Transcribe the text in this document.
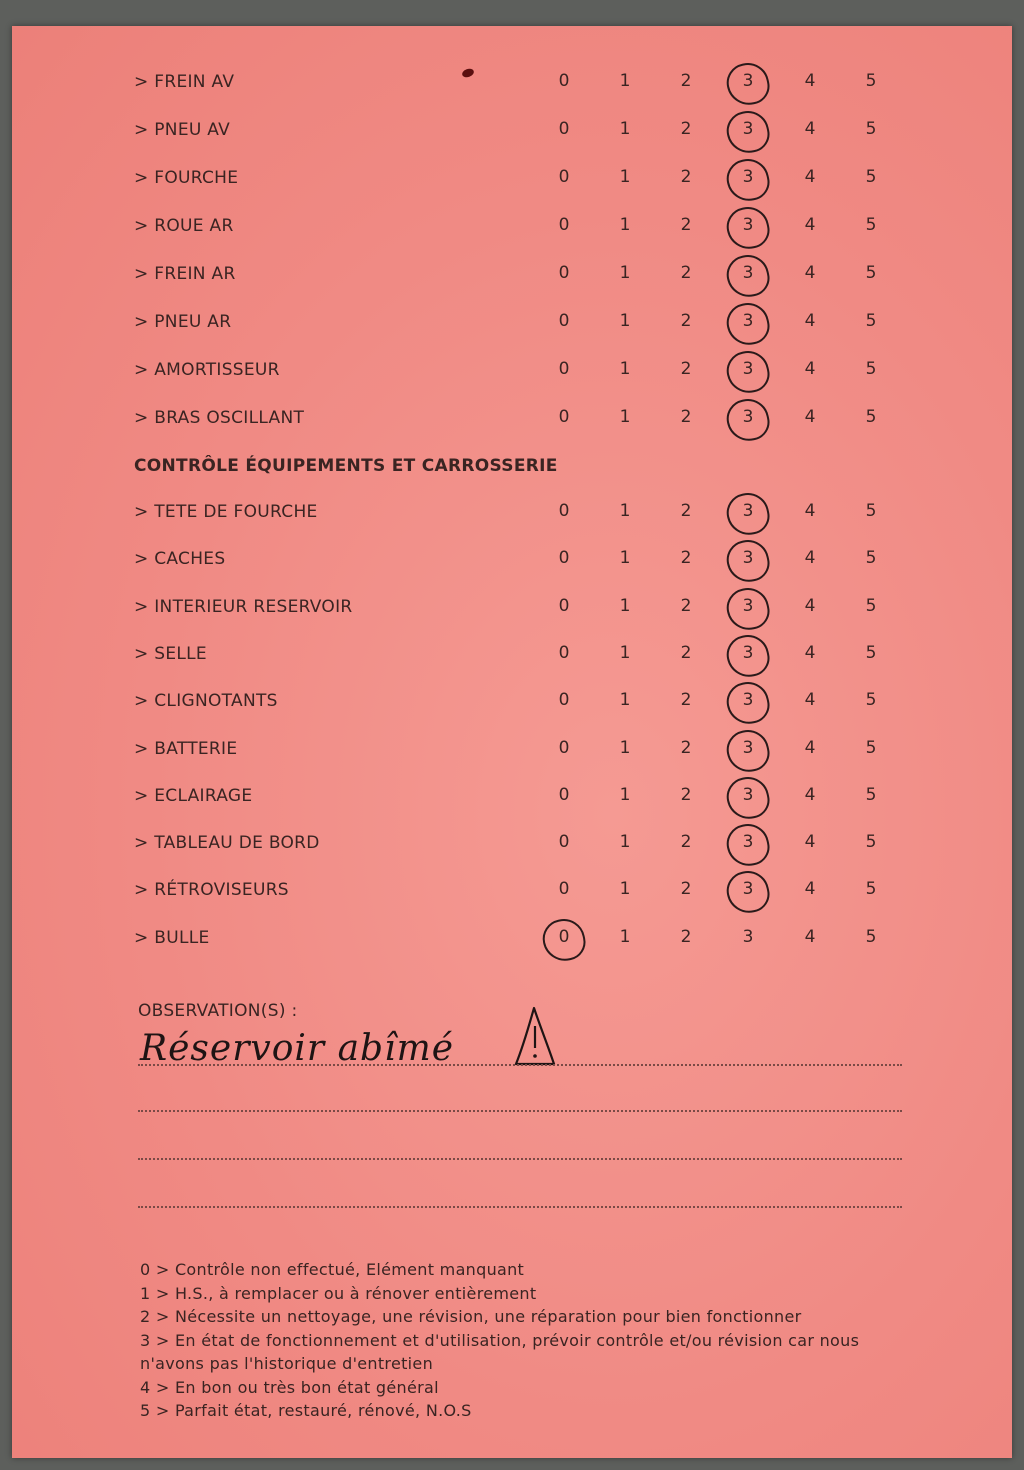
> FREIN AV	0	1	2	3	4	5
> PNEU AV	0	1	2	3	4	5
> FOURCHE	0	1	2	3	4	5
> ROUE AR	0	1	2	3	4	5
> FREIN AR	0	1	2	3	4	5
> PNEU AR	0	1	2	3	4	5
> AMORTISSEUR	0	1	2	3	4	5
> BRAS OSCILLANT	0	1	2	3	4	5
> TETE DE FOURCHE	0	1	2	3	4	5
> CACHES	0	1	2	3	4	5
> INTERIEUR RESERVOIR	0	1	2	3	4	5
> SELLE	0	1	2	3	4	5
> CLIGNOTANTS	0	1	2	3	4	5
> BATTERIE	0	1	2	3	4	5
> ECLAIRAGE	0	1	2	3	4	5
> TABLEAU DE BORD	0	1	2	3	4	5
> RÉTROVISEURS	0	1	2	3	4	5
> BULLE	0	1	2	3	4	5
CONTRÔLE ÉQUIPEMENTS ET CARROSSERIE
OBSERVATION(S) :
Réservoir abîmé
0 > Contrôle non effectué, Elément manquant
1 > H.S., à remplacer ou à rénover entièrement
2 > Nécessite un nettoyage, une révision, une réparation pour bien fonctionner
3 > En état de fonctionnement et d'utilisation, prévoir contrôle et/ou révision car nous
n'avons pas l'historique d'entretien
4 > En bon ou très bon état général
5 > Parfait état, restauré, rénové, N.O.S
